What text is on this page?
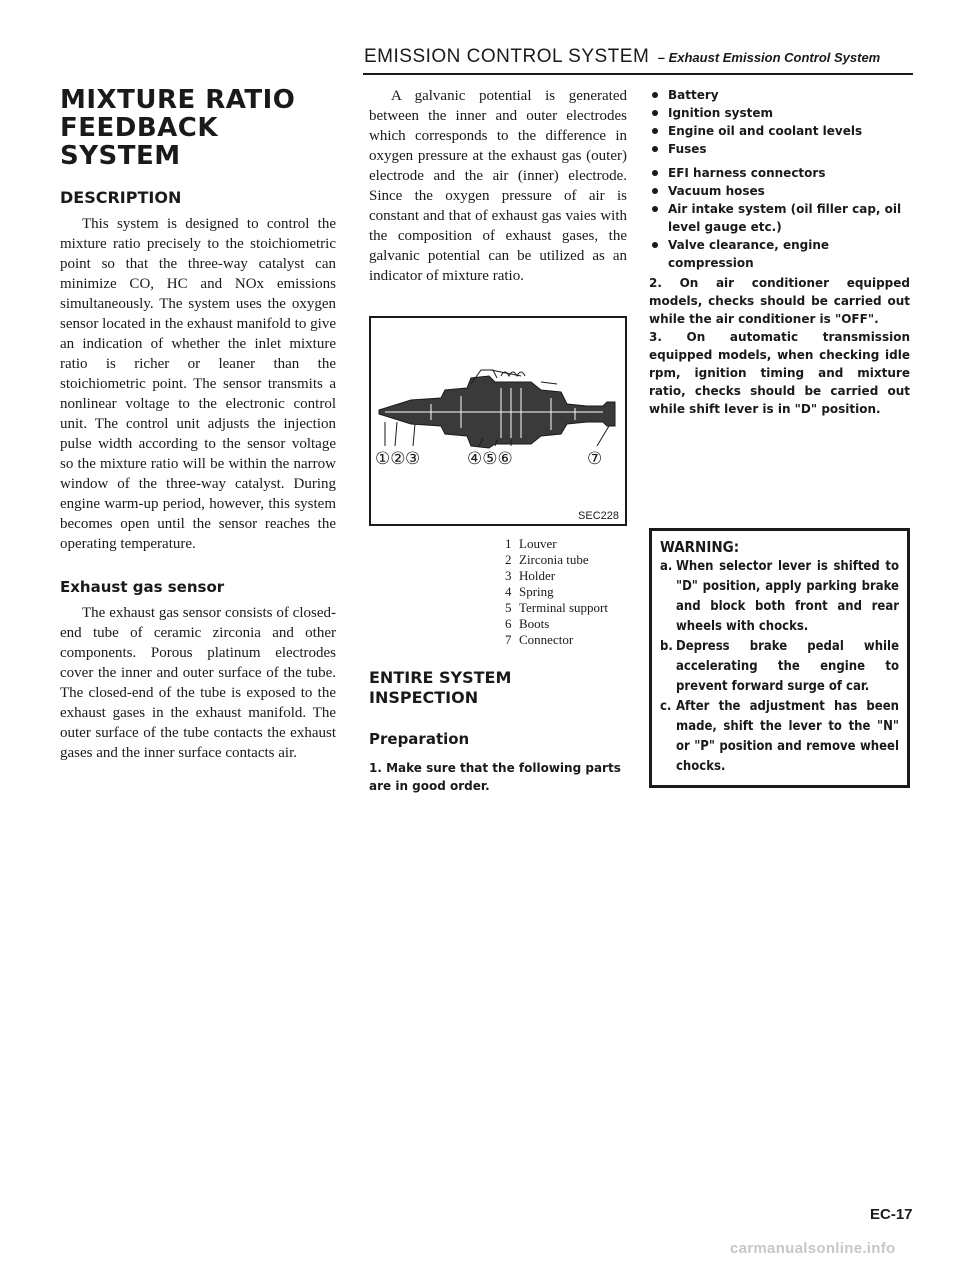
EMISSION CONTROL SYSTEM – Exhaust Emission Control System
MIXTURE RATIO
FEEDBACK SYSTEM
DESCRIPTION

This system is designed to control the mixture ratio precisely to the stoichiometric point so that the three-way catalyst can minimize CO, HC and NOx emissions simultaneously. The system uses the oxygen sensor located in the exhaust manifold to give an indication of whether the inlet mixture ratio is richer or leaner than the stoichiometric point. The sensor transmits a nonlinear voltage to the electronic control unit. The control unit adjusts the injection pulse width according to the sensor voltage so the mixture ratio will be within the narrow window of the three-way catalyst. During engine warm-up period, however, this system becomes open until the sensor reaches the operating temperature.

Exhaust gas sensor

The exhaust gas sensor consists of closed-end tube of ceramic zirconia and other components. Porous platinum electrodes cover the inner and outer surface of the tube. The closed-end of the tube is exposed to the exhaust gases in the exhaust manifold. The outer surface of the tube contacts the exhaust gases and the inner surface contacts air.

A galvanic potential is generated between the inner and outer electrodes which corresponds to the difference in oxygen pressure at the exhaust gas (outer) electrode and the air (inner) electrode. Since the oxygen pressure of air is constant and that of exhaust gas vaies with the composition of exhaust gases, the galvanic potential can be utilized as an indicator of mixture ratio.

①② ③	④⑤⑥	⑦
SEC228
1 Louver
2 Zirconia tube
3 Holder
4 Spring
5 Terminal support
6 Boots
7 Connector
ENTIRE SYSTEM
INSPECTION
Preparation

1. Make sure that the following parts are in good order.

Battery
Ignition system
Engine oil and coolant levels
Fuses
EFI harness connectors
Vacuum hoses
Air intake system (oil filler cap, oil level gauge etc.)
Valve clearance, engine compression

2. On air conditioner equipped models, checks should be carried out while the air conditioner is "OFF".

3. On automatic transmission equipped models, when checking idle rpm, ignition timing and mixture ratio, checks should be carried out while shift lever is in "D" position.

WARNING:
a. When selector lever is shifted to "D" position, apply parking brake and block both front and rear wheels with chocks.
b. Depress brake pedal while accelerating the engine to prevent forward surge of car.
c. After the adjustment has been made, shift the lever to the "N" or "P" position and remove wheel chocks.
EC-17
carmanualsonline.info
